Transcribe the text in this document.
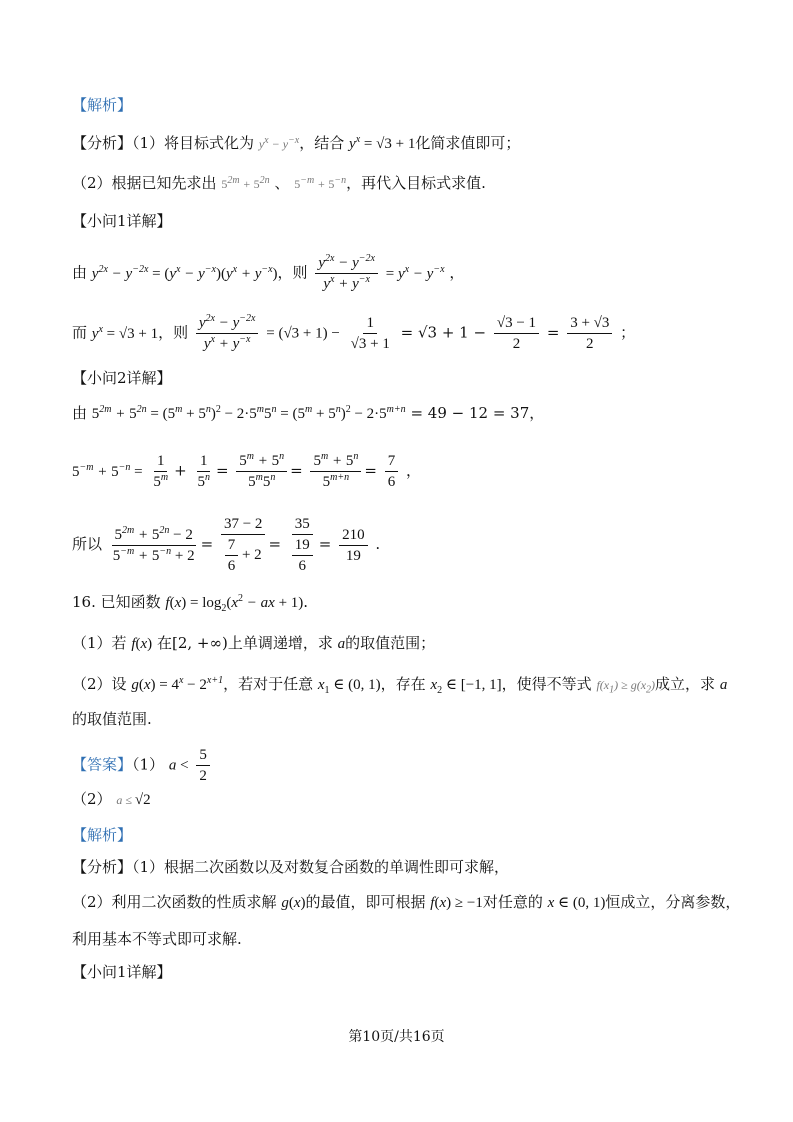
【解析】
【分析】（1）将目标式化为 $y^x - y^{-x}$，结合 $y^x = √3 + 1$化简求值即可；
（2）根据已知先求出 $5^{2m} + 5^{2n}$ 、 $5^{-m} + 5^{-n}$，再代入目标式求值.
【小问1详解】
由 $y^{2x} - y^{-2x} = (y^x - y^{-x})(y^x + y^{-x})$，则 $\frac{y^{2x} - y^{-2x}}{y^x + y^{-x}} = y^x - y^{-x}$ ，
而 $y^x = √3 + 1$，则 $\frac{y^{2x} - y^{-2x}}{y^x + y^{-x}} = (√3 + 1) - \frac{1}{√3 + 1} = √3 + 1 - \frac{√3 - 1}{2} = \frac{3 + √3}{2}$ ；
【小问2详解】
由 $5^{2m} + 5^{2n} = (5^m + 5^n)^2 - 2\cdot 5^m5^n = (5^m + 5^n)^2 - 2\cdot 5^{m+n} = 49 - 12 = 37$，
$5^{-m} + 5^{-n} = \frac{1}{5^m} + \frac{1}{5^n} = \frac{5^m + 5^n}{5^m5^n} = \frac{5^m + 5^n}{5^{m+n}} = \frac{7}{6}$ ，
所以 $\frac{5^{2m} + 5^{2n} - 2}{5^{-m} + 5^{-n} + 2} = \frac{37 - 2}{\frac{7}{6} + 2} = \frac{35}{\frac{19}{6}} = \frac{210}{19}$ .
16. 已知函数 $f(x) = \log_2(x^2$ − ax + 1).
（1）若 f(x) 在[2, +∞)上单调递增，求 a的取值范围；
（2）设 $g(x) = 4^x - 2^{x+1}$，若对于任意 $x_1$ ∈ (0, 1)，存在 $x_2$ ∈ [−1, 1]，使得不等式 $f(x_1) \ge g(x_2)$成立，求 a
的取值范围.
【答案】（1） $a < \frac{5}{2}$
（2） a ≤ √2
【解析】
【分析】（1）根据二次函数以及对数复合函数的单调性即可求解，
（2）利用二次函数的性质求解 g(x)的最值，即可根据 f(x) ≥ −1对任意的 x ∈ (0, 1)恒成立，分离参数，
利用基本不等式即可求解.
【小问1详解】
第10页/共16页
